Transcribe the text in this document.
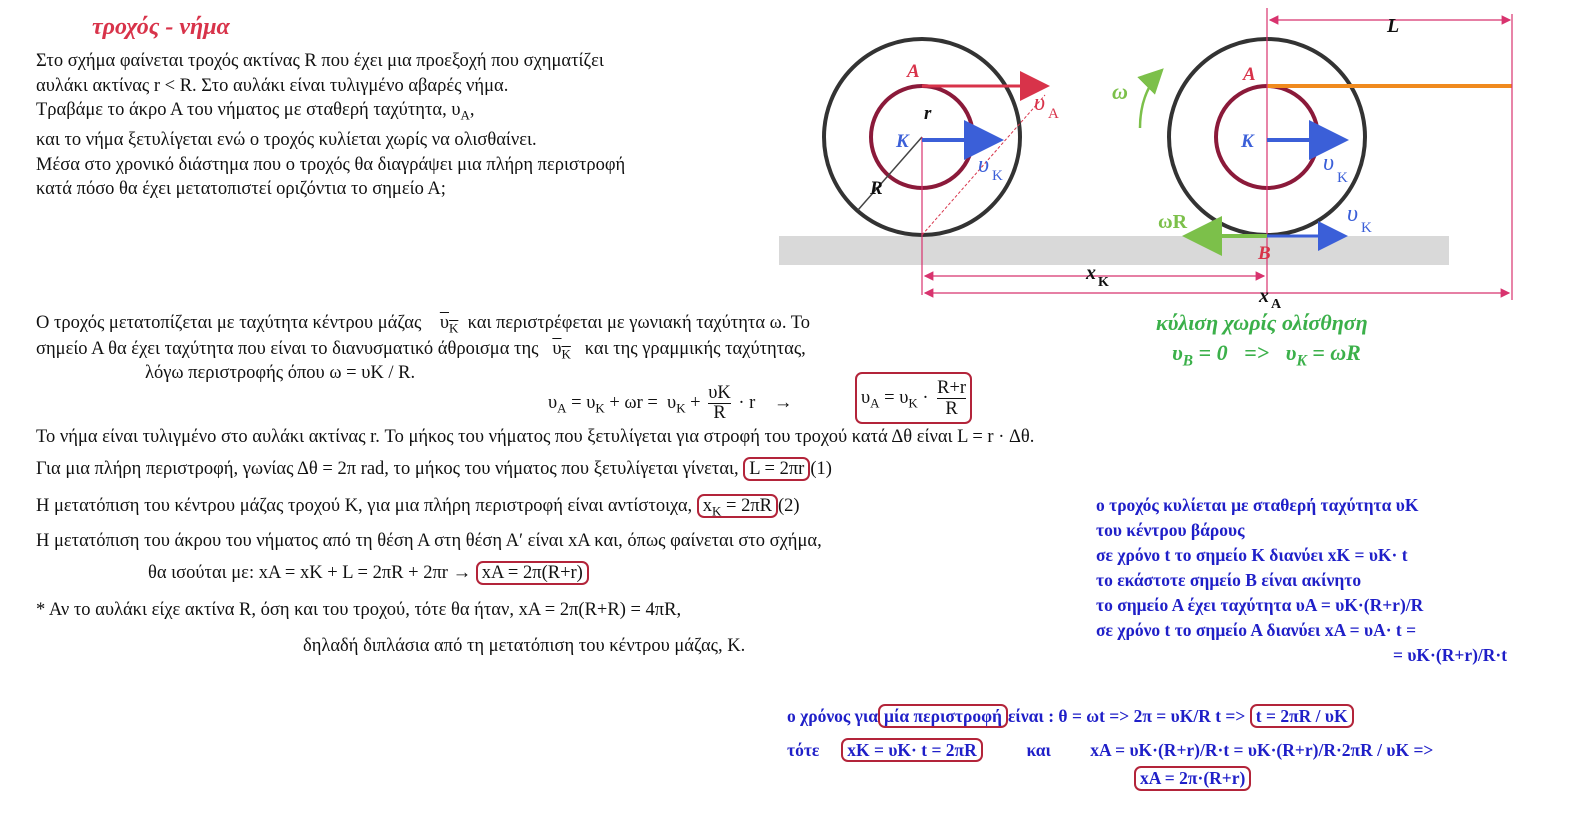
τροχός - νήμα
Στο σχήμα φαίνεται τροχός ακτίνας R που έχει μια προεξοχή που σχηματίζει
αυλάκι ακτίνας r < R. Στο αυλάκι είναι τυλιγμένο αβαρές νήμα.
Τραβάμε το άκρο Α του νήματος με σταθερή ταχύτητα, $\upsilon_A$,
και το νήμα ξετυλίγεται ενώ ο τροχός κυλίεται χωρίς να ολισθαίνει.
Μέσα στο χρονικό διάστημα που ο τροχός θα διαγράψει μια πλήρη περιστροφή
κατά πόσο θα έχει μετατοπιστεί οριζόντια το σημείο Α;
A
K
r
R
υ A
υ K
ω
A
K
B
ωR
υ
K
υ
K
L
x K
x A
κύλιση χωρίς ολίσθηση
$\upsilon_B = 0 => \upsilon_K = \omega R$
Ο τροχός μετατοπίζεται με ταχύτητα κέντρου μάζας $\upsilon_K$ και περιστρέφεται με γωνιακή ταχύτητα ω. Το
σημείο Α θα έχει ταχύτητα που είναι το διανυσματικό άθροισμα της $\upsilon_K$ και της γραμμικής ταχύτητας,
λόγω περιστροφής όπου ω = υΚ / R.
$\upsilon_A = \upsilon_K + \omega r = \upsilon_K + \frac{\upsilon K}{R} \cdot r$    →	$\upsilon_A = \upsilon_K \cdot \frac{R+r}{R}$
Το νήμα είναι τυλιγμένο στο αυλάκι ακτίνας r. Το μήκος του νήματος που ξετυλίγεται για στροφή του τροχού κατά Δθ είναι L = r · Δθ.
Για μια πλήρη περιστροφή, γωνίας Δθ = 2π rad, το μήκος του νήματος που ξετυλίγεται γίνεται, L = 2πr (1)
Η μετατόπιση του κέντρου μάζας τροχού Κ, για μια πλήρη περιστροφή είναι αντίστοιχα, $x_K = 2\pi R$ (2)
Η μετατόπιση του άκρου του νήματος από τη θέση Α στη θέση Α′ είναι xA και, όπως φαίνεται στο σχήμα,
θα ισούται με: xA = xK + L = 2πR + 2πr → xA = 2π(R+r)
* Αν το αυλάκι είχε ακτίνα R, όση και του τροχού, τότε θα ήταν, xA = 2π(R+R) = 4πR,
δηλαδή διπλάσια από τη μετατόπιση του κέντρου μάζας, Κ.
ο τροχός κυλίεται με σταθερή ταχύτητα υK
του κέντρου βάρους
σε χρόνο t το σημείο Κ διανύει xK = υK· t
το εκάστοτε σημείο Β είναι ακίνητο
το σημείο Α έχει ταχύτητα υA = υK·(R+r)/R
σε χρόνο t το σημείο Α διανύει xA = υA· t =
= υK·(R+r)/R·t
ο χρόνος για μία περιστροφή είναι : θ = ωt => 2π = υK/R t => t = 2πR / υK
τότε xK = υK· t = 2πR	και xA = υK·(R+r)/R·t = υK·(R+r)/R·2πR / υK =>
xA = 2π·(R+r)
